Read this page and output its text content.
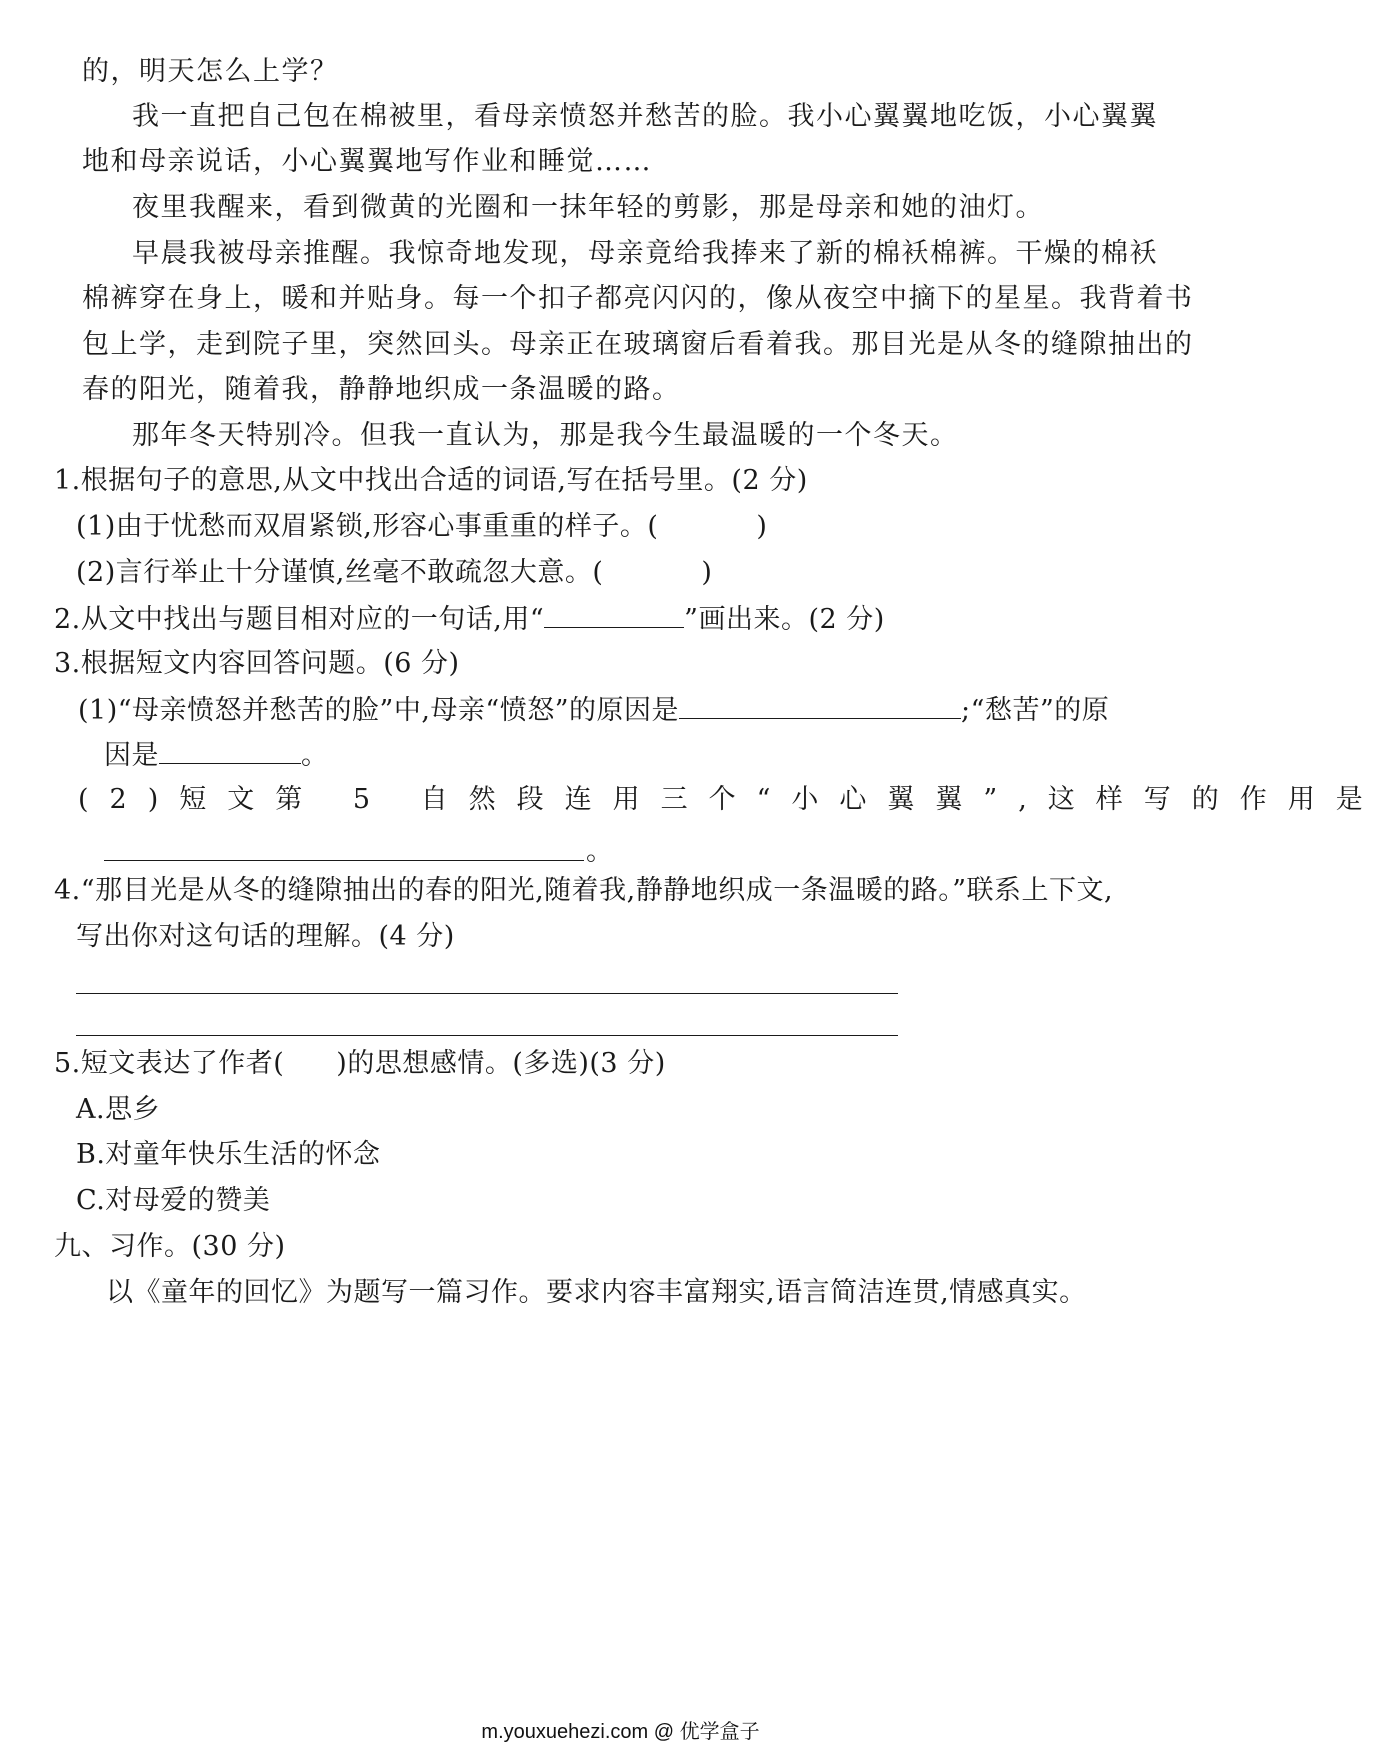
的，明天怎么上学？
我一直把自己包在棉被里，看母亲愤怒并愁苦的脸。我小心翼翼地吃饭，小心翼翼
地和母亲说话，小心翼翼地写作业和睡觉……
夜里我醒来，看到微黄的光圈和一抹年轻的剪影，那是母亲和她的油灯。
早晨我被母亲推醒。我惊奇地发现，母亲竟给我捧来了新的棉袄棉裤。干燥的棉袄
棉裤穿在身上，暖和并贴身。每一个扣子都亮闪闪的，像从夜空中摘下的星星。我背着书
包上学，走到院子里，突然回头。母亲正在玻璃窗后看着我。那目光是从冬的缝隙抽出的
春的阳光，随着我，静静地织成一条温暖的路。
那年冬天特别冷。但我一直认为，那是我今生最温暖的一个冬天。
1.根据句子的意思,从文中找出合适的词语,写在括号里。(2 分)
(1)由于忧愁而双眉紧锁,形容心事重重的样子。(	)
(2)言行举止十分谨慎,丝毫不敢疏忽大意。(	)
2.从文中找出与题目相对应的一句话,用“	”画出来。(2 分)
3.根据短文内容回答问题。(6 分)
(1)“母亲愤怒并愁苦的脸”中,母亲“愤怒”的原因是	;“愁苦”的原
因是	。
(2)短文第 5 自然段连用三个“小心翼翼”,这样写的作用是
。
4.“那目光是从冬的缝隙抽出的春的阳光,随着我,静静地织成一条温暖的路。”联系上下文,
写出你对这句话的理解。(4 分)
5.短文表达了作者( )的思想感情。(多选)(3 分)
A.思乡
B.对童年快乐生活的怀念
C.对母爱的赞美
九、习作。(30 分)
以《童年的回忆》为题写一篇习作。要求内容丰富翔实,语言简洁连贯,情感真实。
m.youxuehezi.com @ 优学盒子
